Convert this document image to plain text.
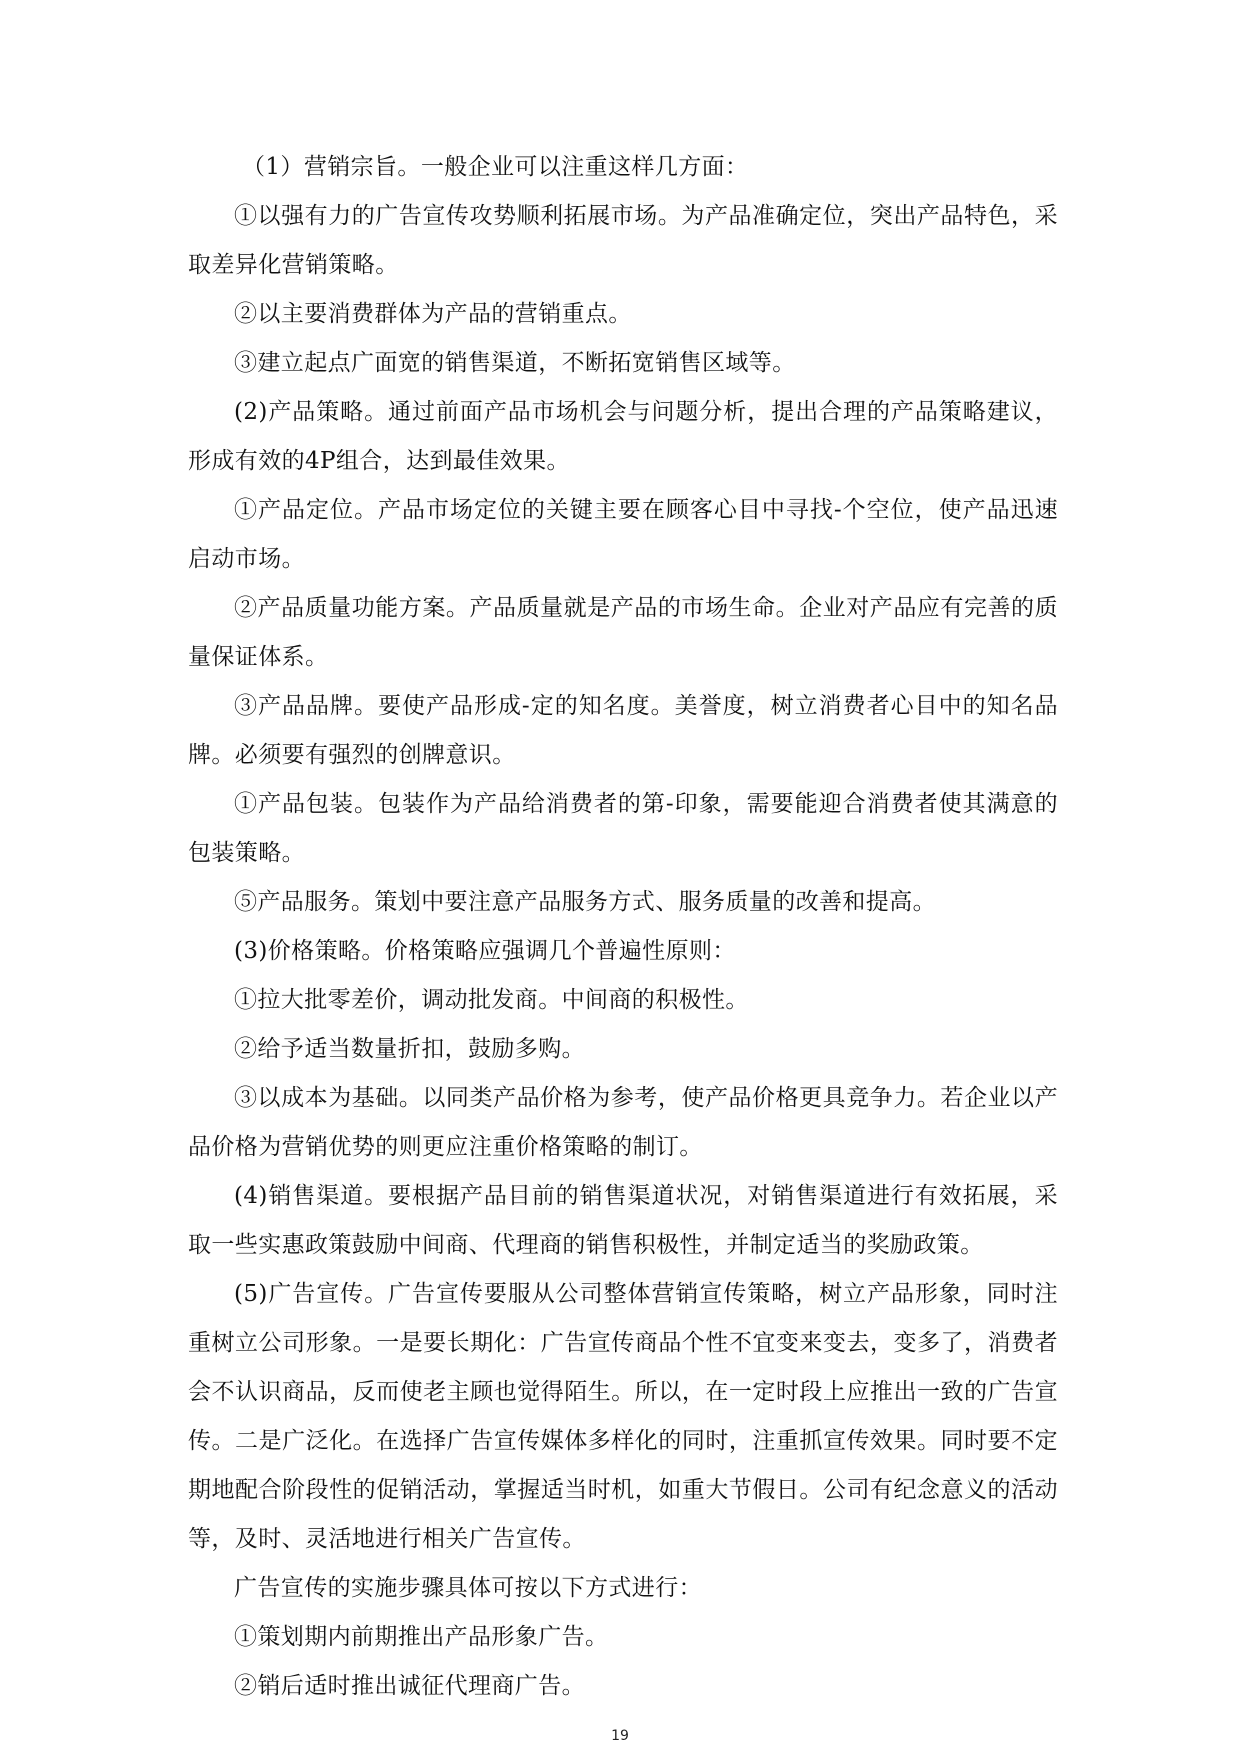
（1）营销宗旨。一般企业可以注重这样几方面：

①以强有力的广告宣传攻势顺利拓展市场。为产品准确定位，突出产品特色，采取差异化营销策略。

②以主要消费群体为产品的营销重点。

③建立起点广面宽的销售渠道，不断拓宽销售区域等。

(2)产品策略。通过前面产品市场机会与问题分析，提出合理的产品策略建议，形成有效的4P组合，达到最佳效果。

①产品定位。产品市场定位的关键主要在顾客心目中寻找-个空位，使产品迅速启动市场。

②产品质量功能方案。产品质量就是产品的市场生命。企业对产品应有完善的质量保证体系。

③产品品牌。要使产品形成-定的知名度。美誉度，树立消费者心目中的知名品牌。必须要有强烈的创牌意识。

①产品包装。包装作为产品给消费者的第-印象，需要能迎合消费者使其满意的包装策略。

⑤产品服务。策划中要注意产品服务方式、服务质量的改善和提高。

(3)价格策略。价格策略应强调几个普遍性原则：

①拉大批零差价，调动批发商。中间商的积极性。

②给予适当数量折扣，鼓励多购。

③以成本为基础。以同类产品价格为参考，使产品价格更具竞争力。若企业以产品价格为营销优势的则更应注重价格策略的制订。

(4)销售渠道。要根据产品目前的销售渠道状况，对销售渠道进行有效拓展，采取一些实惠政策鼓励中间商、代理商的销售积极性，并制定适当的奖励政策。

(5)广告宣传。广告宣传要服从公司整体营销宣传策略，树立产品形象，同时注重树立公司形象。一是要长期化：广告宣传商品个性不宜变来变去，变多了，消费者会不认识商品，反而使老主顾也觉得陌生。所以，在一定时段上应推出一致的广告宣传。二是广泛化。在选择广告宣传媒体多样化的同时，注重抓宣传效果。同时要不定期地配合阶段性的促销活动，掌握适当时机，如重大节假日。公司有纪念意义的活动等，及时、灵活地进行相关广告宣传。

广告宣传的实施步骤具体可按以下方式进行：

①策划期内前期推出产品形象广告。

②销后适时推出诚征代理商广告。

19
